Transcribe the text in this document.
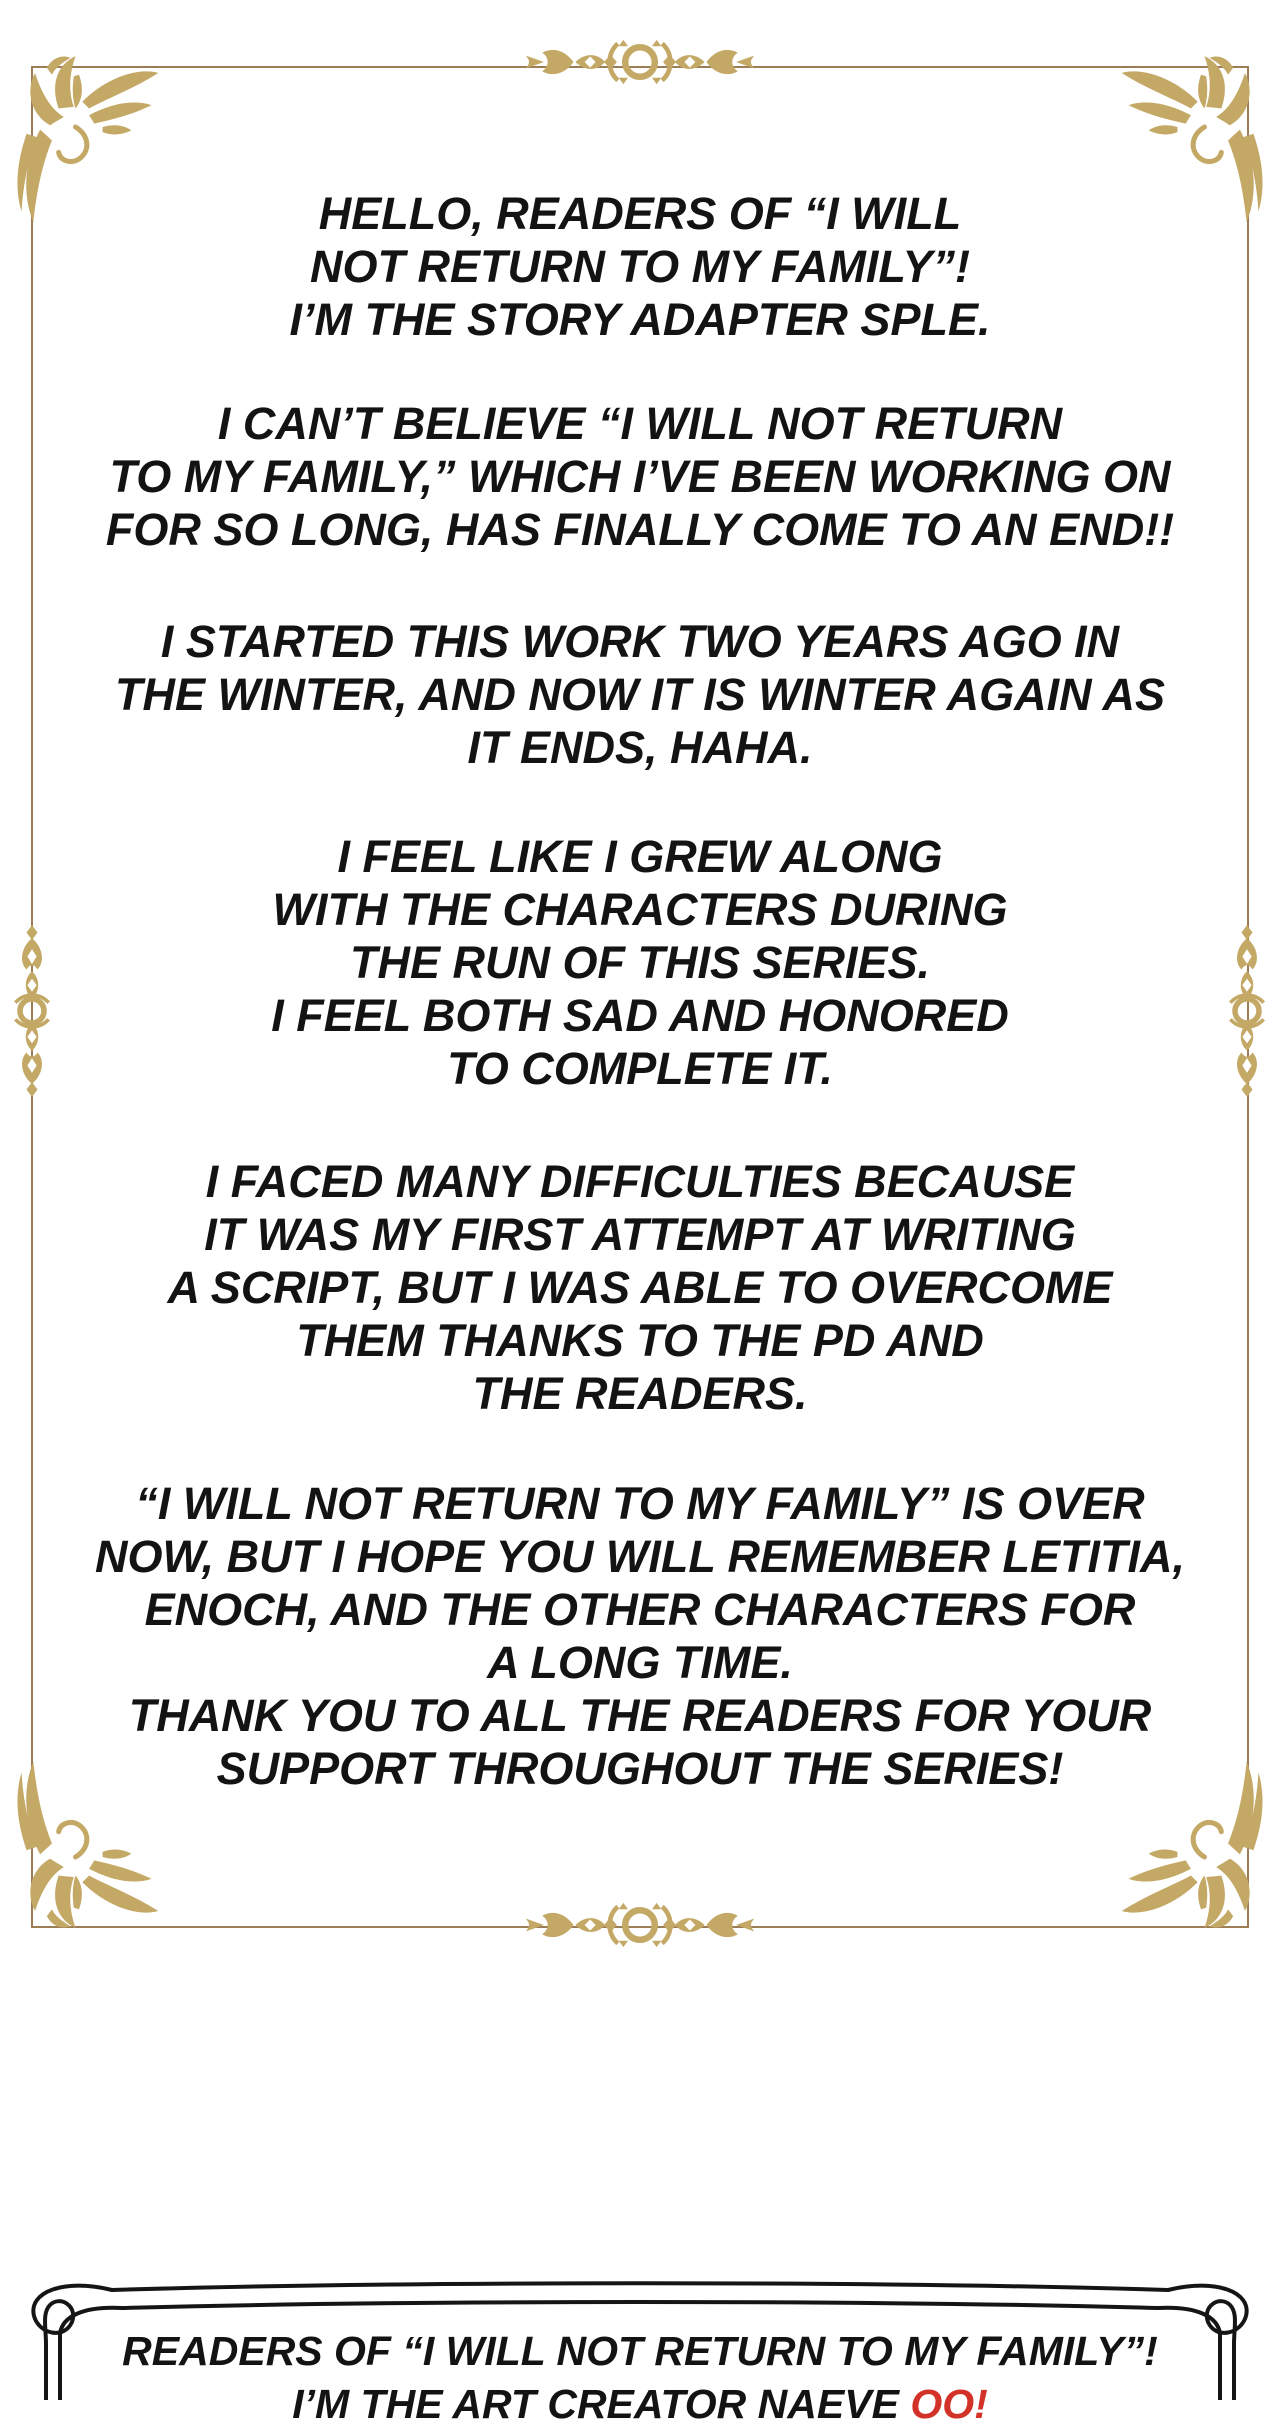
HELLO, READERS OF “I WILL
NOT RETURN TO MY FAMILY”!
I’M THE STORY ADAPTER SPLE.
I CAN’T BELIEVE “I WILL NOT RETURN
TO MY FAMILY,” WHICH I’VE BEEN WORKING ON
FOR SO LONG, HAS FINALLY COME TO AN END!!
I STARTED THIS WORK TWO YEARS AGO IN
THE WINTER, AND NOW IT IS WINTER AGAIN AS
IT ENDS, HAHA.
I FEEL LIKE I GREW ALONG
WITH THE CHARACTERS DURING
THE RUN OF THIS SERIES.
I FEEL BOTH SAD AND HONORED
TO COMPLETE IT.
I FACED MANY DIFFICULTIES BECAUSE
IT WAS MY FIRST ATTEMPT AT WRITING
A SCRIPT, BUT I WAS ABLE TO OVERCOME
THEM THANKS TO THE PD AND
THE READERS.
“I WILL NOT RETURN TO MY FAMILY” IS OVER
NOW, BUT I HOPE YOU WILL REMEMBER LETITIA,
ENOCH, AND THE OTHER CHARACTERS FOR
A LONG TIME.
THANK YOU TO ALL THE READERS FOR YOUR
SUPPORT THROUGHOUT THE SERIES!
READERS OF “I WILL NOT RETURN TO MY FAMILY”!
I’M THE ART CREATOR NAEVE OO!
